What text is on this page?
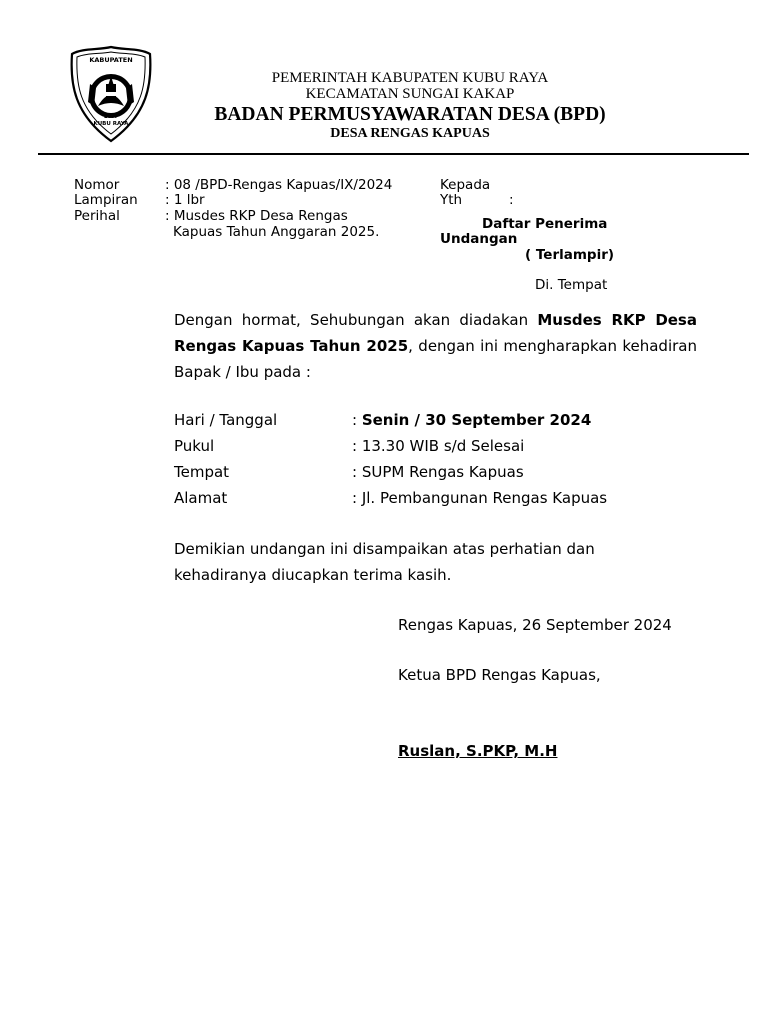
KABUPATEN
2007
KUBU RAYA
PEMERINTAH KABUPATEN KUBU RAYA
KECAMATAN SUNGAI KAKAP
BADAN PERMUSYAWARATAN DESA (BPD)
DESA RENGAS KAPUAS
Nomor	: 08 /BPD-Rengas Kapuas/IX/2024
Lampiran : 1 lbr
Perihal	: Musdes RKP Desa Rengas
Kapuas Tahun Anggaran 2025.
Kepada
Yth	:
Daftar Penerima
Undangan
( Terlampir)
Di. Tempat
Dengan hormat, Sehubungan akan diadakan Musdes RKP Desa Rengas Kapuas Tahun 2025, dengan ini mengharapkan kehadiran Bapak / Ibu pada :
Hari / Tanggal	: Senin / 30 September 2024
Pukul	: 13.30 WIB s/d Selesai
Tempat	: SUPM Rengas Kapuas
Alamat	: Jl. Pembangunan Rengas Kapuas
Demikian undangan ini disampaikan atas perhatian dan kehadiranya diucapkan terima kasih.
Rengas Kapuas, 26 September 2024
Ketua BPD Rengas Kapuas,
Ruslan, S.PKP, M.H
